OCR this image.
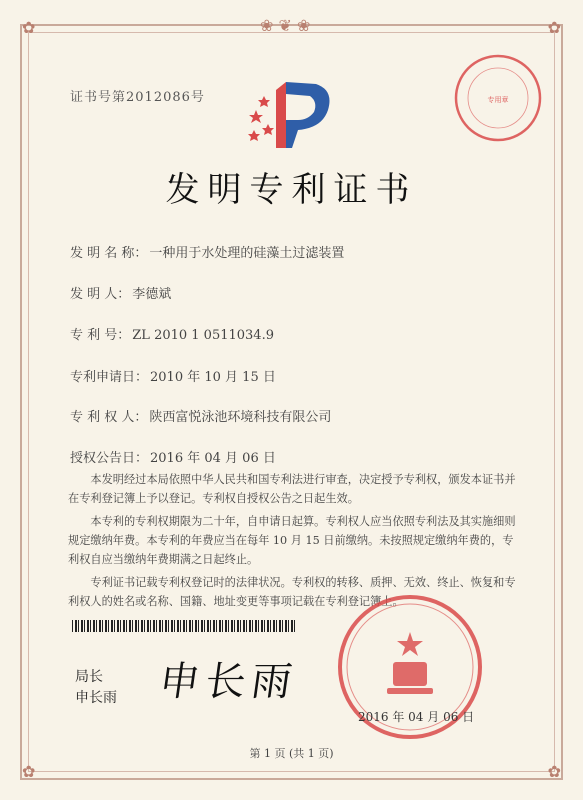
❀ ❦ ❀
✿	✿
✿	✿
证书号第2012086号	专用章
发明专利证书
发 明 名 称： 一种用于水处理的硅藻土过滤装置
发 明 人： 李德斌
专 利 号： ZL 2010 1 0511034.9
专利申请日： 2010 年 10 月 15 日
专 利 权 人： 陕西富悦泳池环境科技有限公司
授权公告日： 2016 年 04 月 06 日

本发明经过本局依照中华人民共和国专利法进行审查，决定授予专利权，颁发本证书并在专利登记簿上予以登记。专利权自授权公告之日起生效。

本专利的专利权期限为二十年，自申请日起算。专利权人应当依照专利法及其实施细则规定缴纳年费。本专利的年费应当在每年 10 月 15 日前缴纳。未按照规定缴纳年费的，专利权自应当缴纳年费期满之日起终止。

专利证书记载专利权登记时的法律状况。专利权的转移、质押、无效、终止、恢复和专利权人的姓名或名称、国籍、地址变更等事项记载在专利登记簿上。

局长
申长雨 申长雨
2016 年 04 月 06 日
第 1 页 (共 1 页)
